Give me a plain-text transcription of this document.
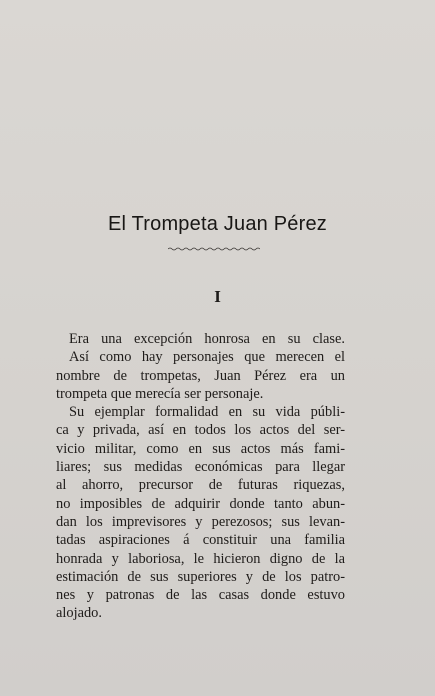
El Trompeta Juan Pérez
I
Era una excepción honrosa en su clase.
Así como hay personajes que merecen el
nombre de trompetas, Juan Pérez era un
trompeta que merecía ser personaje.
Su ejemplar formalidad en su vida públi-
ca y privada, así en todos los actos del ser-
vicio militar, como en sus actos más fami-
liares; sus medidas económicas para llegar
al ahorro, precursor de futuras riquezas,
no imposibles de adquirir donde tanto abun-
dan los imprevisores y perezosos; sus levan-
tadas aspiraciones á constituir una familia
honrada y laboriosa, le hicieron digno de la
estimación de sus superiores y de los patro-
nes y patronas de las casas donde estuvo
alojado.
